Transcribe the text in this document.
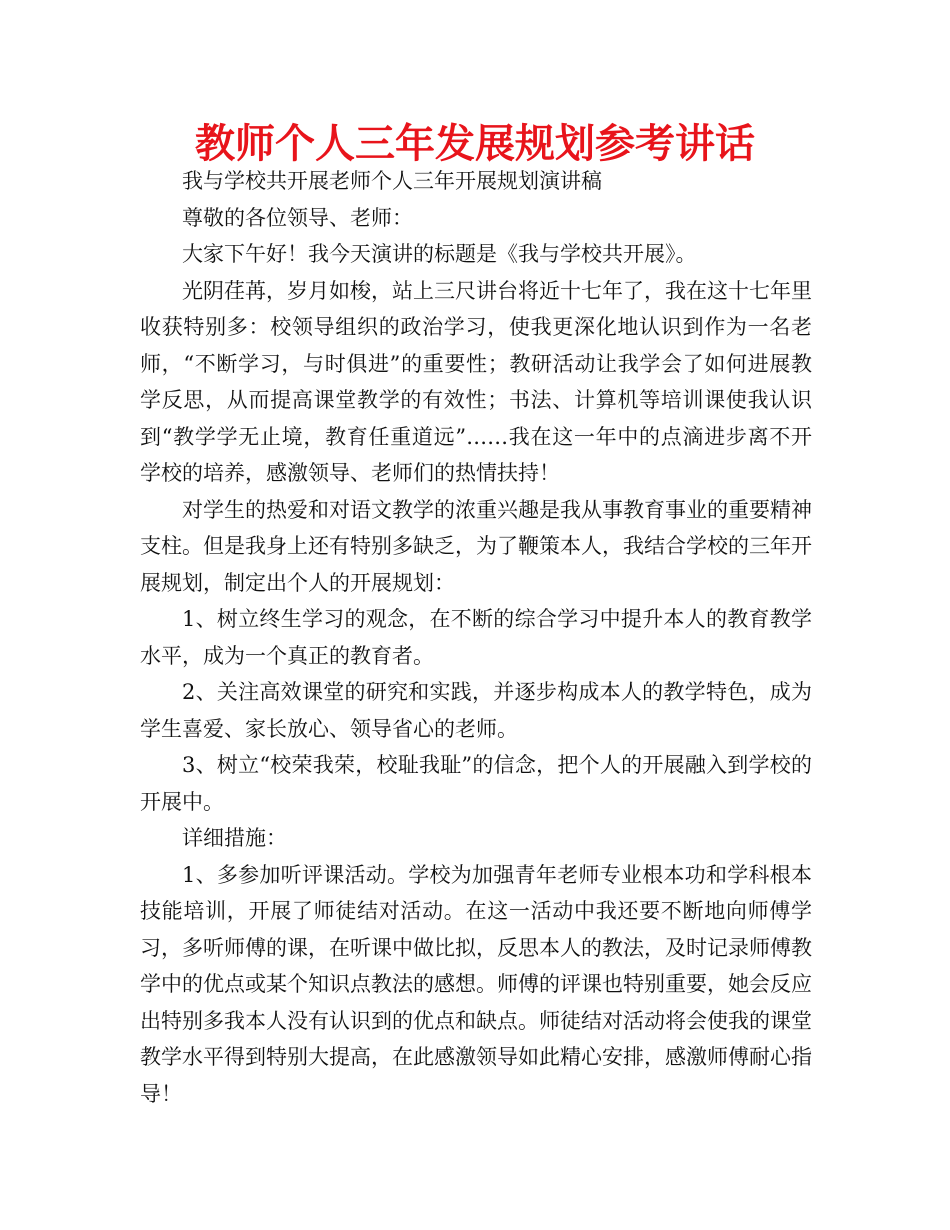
教师个人三年发展规划参考讲话

我与学校共开展老师个人三年开展规划演讲稿

尊敬的各位领导、老师：

大家下午好！我今天演讲的标题是《我与学校共开展》。

光阴荏苒，岁月如梭，站上三尺讲台将近十七年了，我在这十七年里收获特别多：校领导组织的政治学习，使我更深化地认识到作为一名老师，“不断学习，与时俱进”的重要性；教研活动让我学会了如何进展教学反思，从而提高课堂教学的有效性；书法、计算机等培训课使我认识到“教学学无止境，教育任重道远”……我在这一年中的点滴进步离不开学校的培养，感激领导、老师们的热情扶持！

对学生的热爱和对语文教学的浓重兴趣是我从事教育事业的重要精神支柱。但是我身上还有特别多缺乏，为了鞭策本人，我结合学校的三年开展规划，制定出个人的开展规划：

1、树立终生学习的观念，在不断的综合学习中提升本人的教育教学水平，成为一个真正的教育者。

2、关注高效课堂的研究和实践，并逐步构成本人的教学特色，成为学生喜爱、家长放心、领导省心的老师。

3、树立“校荣我荣，校耻我耻”的信念，把个人的开展融入到学校的开展中。

详细措施：

1、多参加听评课活动。学校为加强青年老师专业根本功和学科根本技能培训，开展了师徒结对活动。在这一活动中我还要不断地向师傅学习，多听师傅的课，在听课中做比拟，反思本人的教法，及时记录师傅教学中的优点或某个知识点教法的感想。师傅的评课也特别重要，她会反应出特别多我本人没有认识到的优点和缺点。师徒结对活动将会使我的课堂教学水平得到特别大提高，在此感激领导如此精心安排，感激师傅耐心指导！
